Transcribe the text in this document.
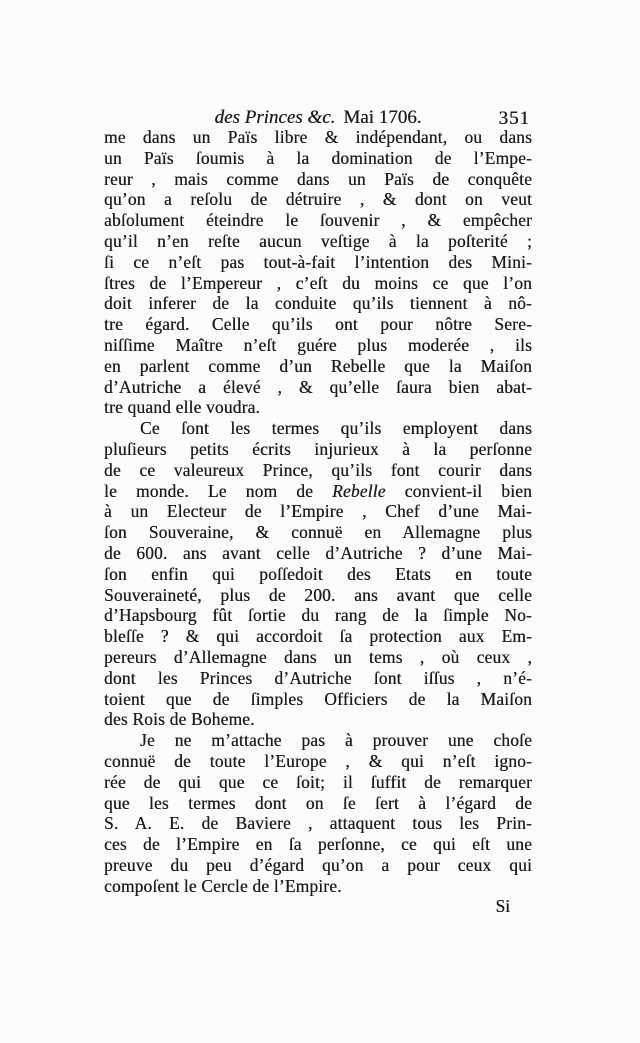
des Princes &c. Mai 1706.	351
me dans un Païs libre & indépendant, ou dans
un Païs ſoumis à la domination de l’Empe-
reur , mais comme dans un Païs de conquête
qu’on a reſolu de détruire , & dont on veut
abſolument éteindre le ſouvenir , & empêcher
qu’il n’en reſte aucun veſtige à la poſterité ;
ſi ce n’eſt pas tout-à-fait l’intention des Mini-
ſtres de l’Empereur , c’eſt du moins ce que l’on
doit inferer de la conduite qu’ils tiennent à nô-
tre égard. Celle qu’ils ont pour nôtre Sere-
niſſime Maître n’eſt guére plus moderée , ils
en parlent comme d’un Rebelle que la Maiſon
d’Autriche a élevé , & qu’elle ſaura bien abat-
tre quand elle voudra.
Ce ſont les termes qu’ils employent dans
pluſieurs petits écrits injurieux à la perſonne
de ce valeureux Prince, qu’ils font courir dans
le monde. Le nom de Rebelle convient-il bien
à un Electeur de l’Empire , Chef d’une Mai-
ſon Souveraine, & connuë en Allemagne plus
de 600. ans avant celle d’Autriche ? d’une Mai-
ſon enfin qui poſſedoit des Etats en toute
Souveraineté, plus de 200. ans avant que celle
d’Hapsbourg fût ſortie du rang de la ſimple No-
bleſſe ? & qui accordoit ſa protection aux Em-
pereurs d’Allemagne dans un tems , où ceux ,
dont les Princes d’Autriche ſont iſſus , n’é-
toient que de ſimples Officiers de la Maiſon
des Rois de Boheme.
Je ne m’attache pas à prouver une choſe
connuë de toute l’Europe , & qui n’eſt igno-
rée de qui que ce ſoit; il ſuffit de remarquer
que les termes dont on ſe ſert à l’égard de
S. A. E. de Baviere , attaquent tous les Prin-
ces de l’Empire en ſa perſonne, ce qui eſt une
preuve du peu d’égard qu’on a pour ceux qui
compoſent le Cercle de l’Empire.
Si
